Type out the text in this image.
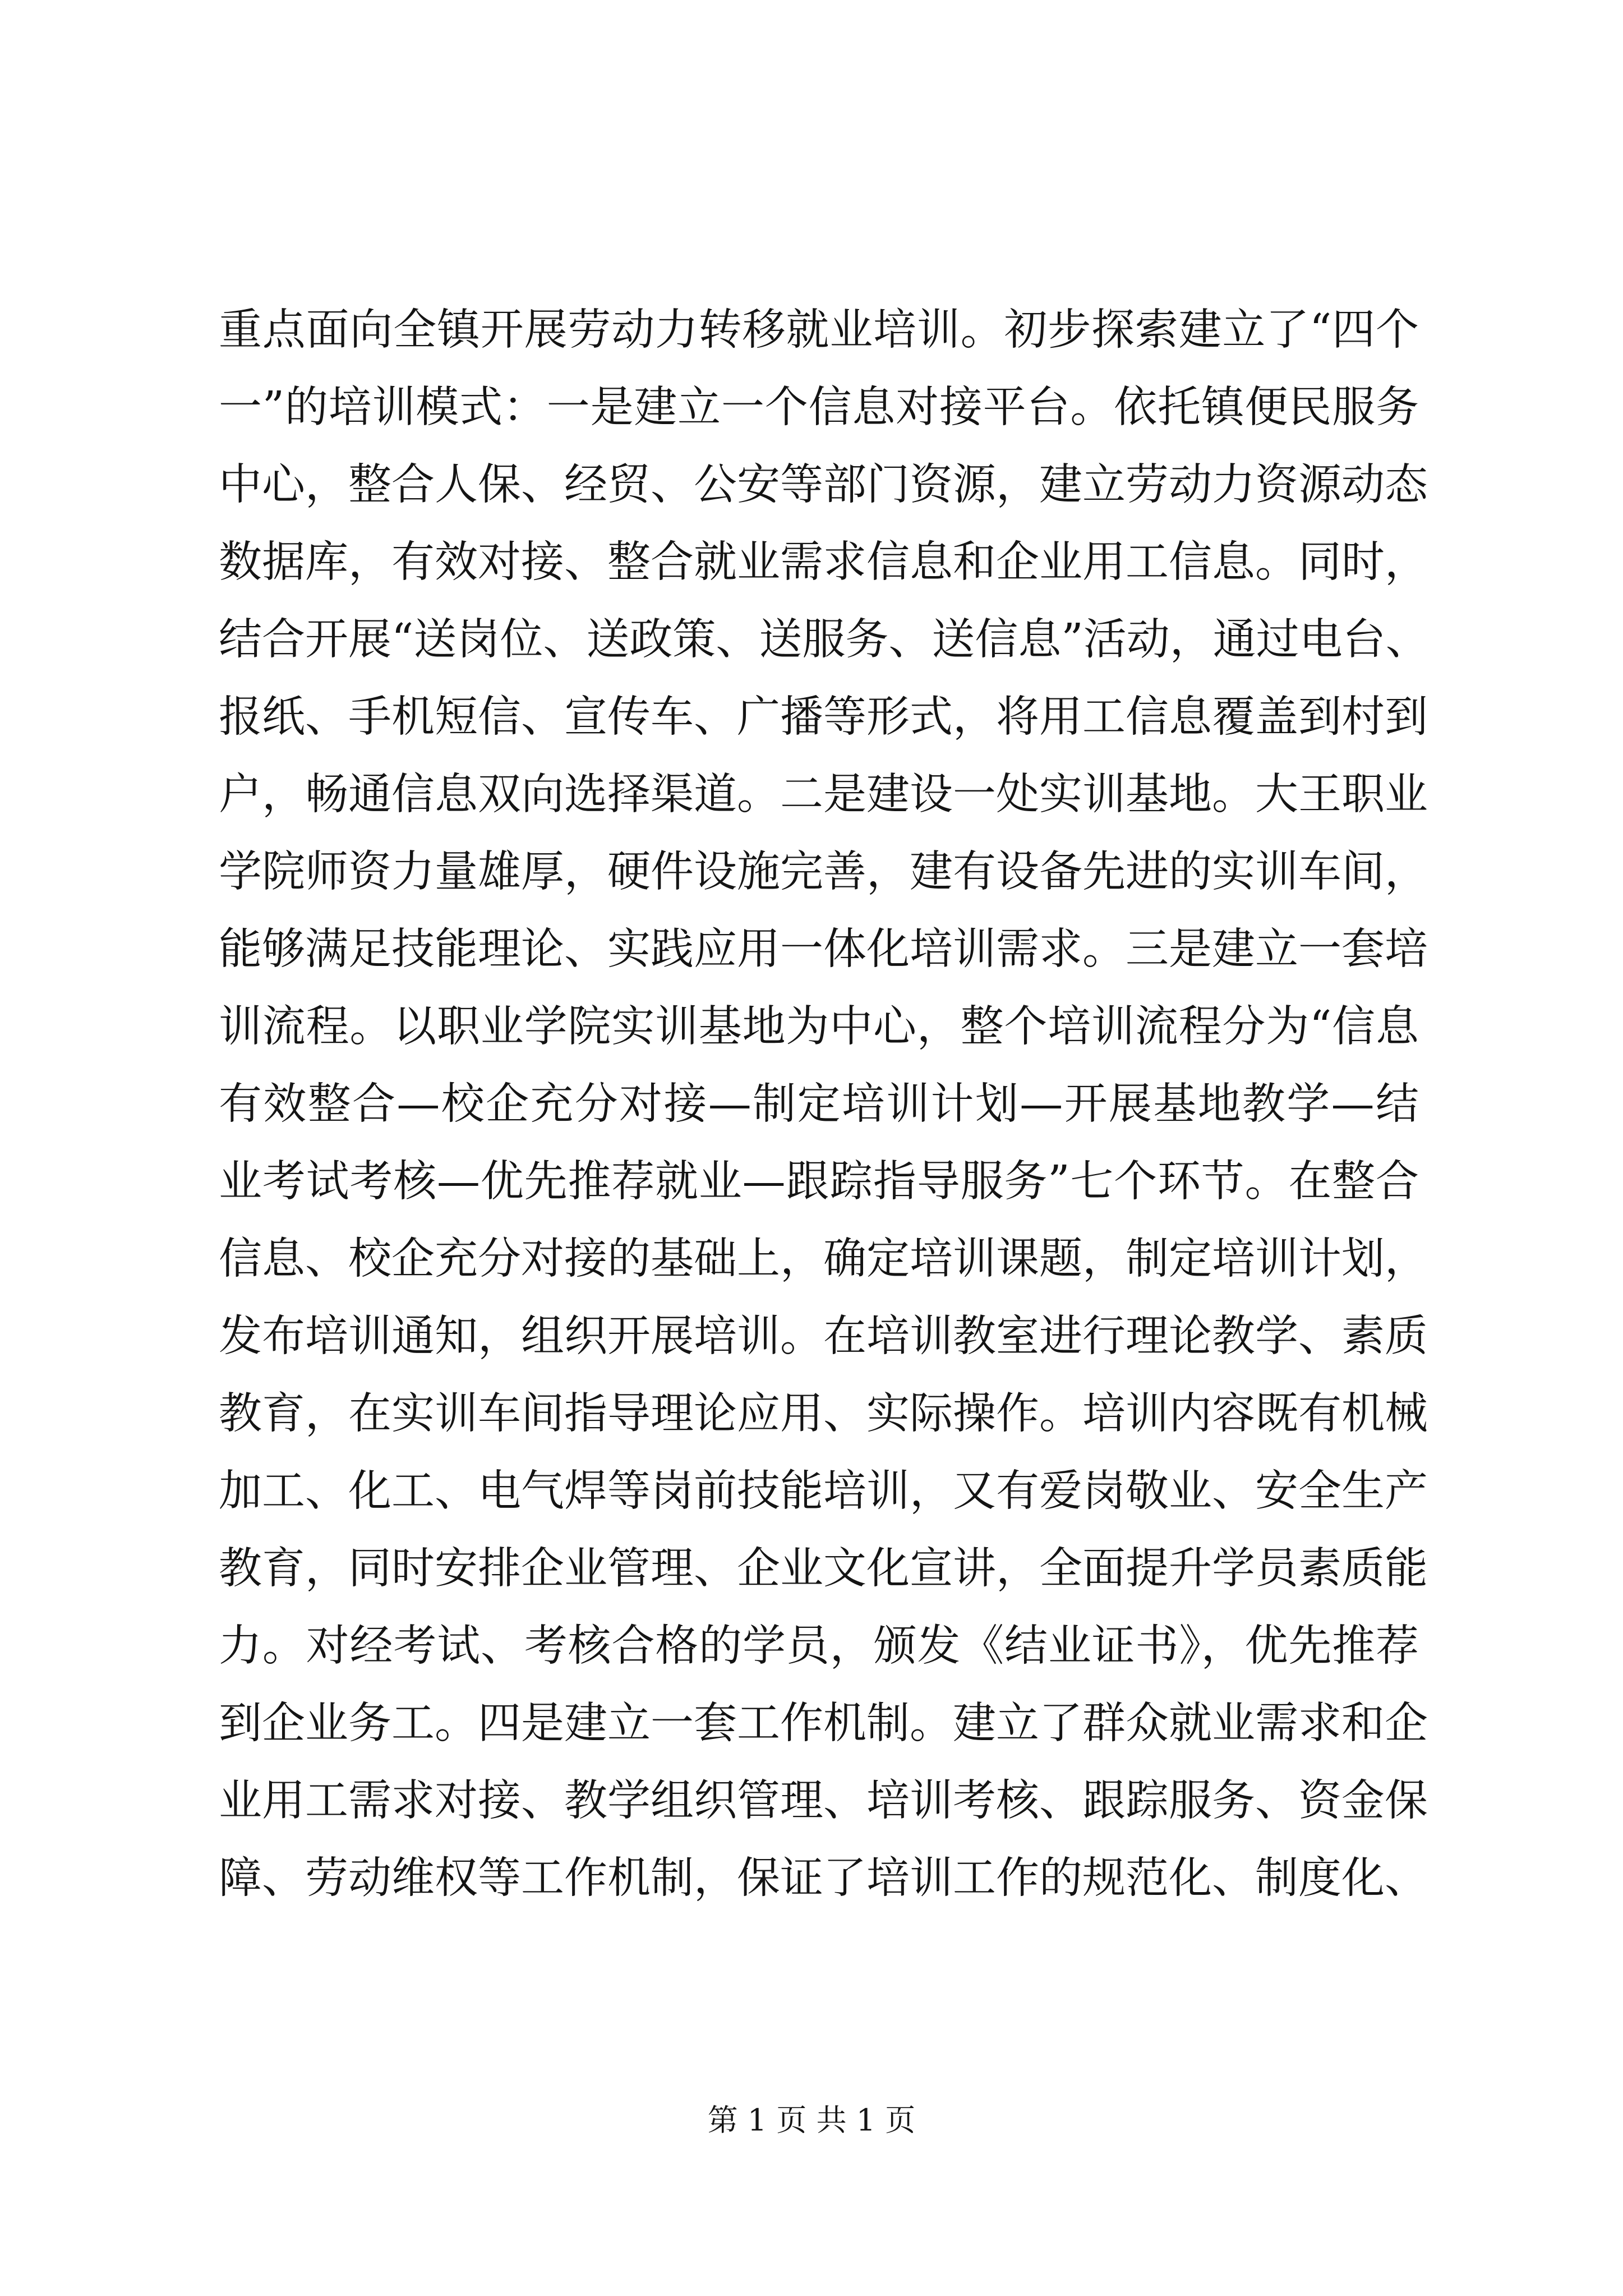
重点面向全镇开展劳动力转移就业培训。初步探索建立了“四个
一”的培训模式：一是建立一个信息对接平台。依托镇便民服务
中心，整合人保、经贸、公安等部门资源，建立劳动力资源动态
数据库，有效对接、整合就业需求信息和企业用工信息。同时，
结合开展“送岗位、送政策、送服务、送信息”活动，通过电台、
报纸、手机短信、宣传车、广播等形式，将用工信息覆盖到村到
户，畅通信息双向选择渠道。二是建设一处实训基地。大王职业
学院师资力量雄厚，硬件设施完善，建有设备先进的实训车间，
能够满足技能理论、实践应用一体化培训需求。三是建立一套培
训流程。以职业学院实训基地为中心，整个培训流程分为“信息
有效整合—校企充分对接—制定培训计划—开展基地教学—结
业考试考核—优先推荐就业—跟踪指导服务”七个环节。在整合
信息、校企充分对接的基础上，确定培训课题，制定培训计划，
发布培训通知，组织开展培训。在培训教室进行理论教学、素质
教育，在实训车间指导理论应用、实际操作。培训内容既有机械
加工、化工、电气焊等岗前技能培训，又有爱岗敬业、安全生产
教育，同时安排企业管理、企业文化宣讲，全面提升学员素质能
力。对经考试、考核合格的学员，颁发《结业证书》，优先推荐
到企业务工。四是建立一套工作机制。建立了群众就业需求和企
业用工需求对接、教学组织管理、培训考核、跟踪服务、资金保
障、劳动维权等工作机制，保证了培训工作的规范化、制度化、
第 1 页 共 1 页
